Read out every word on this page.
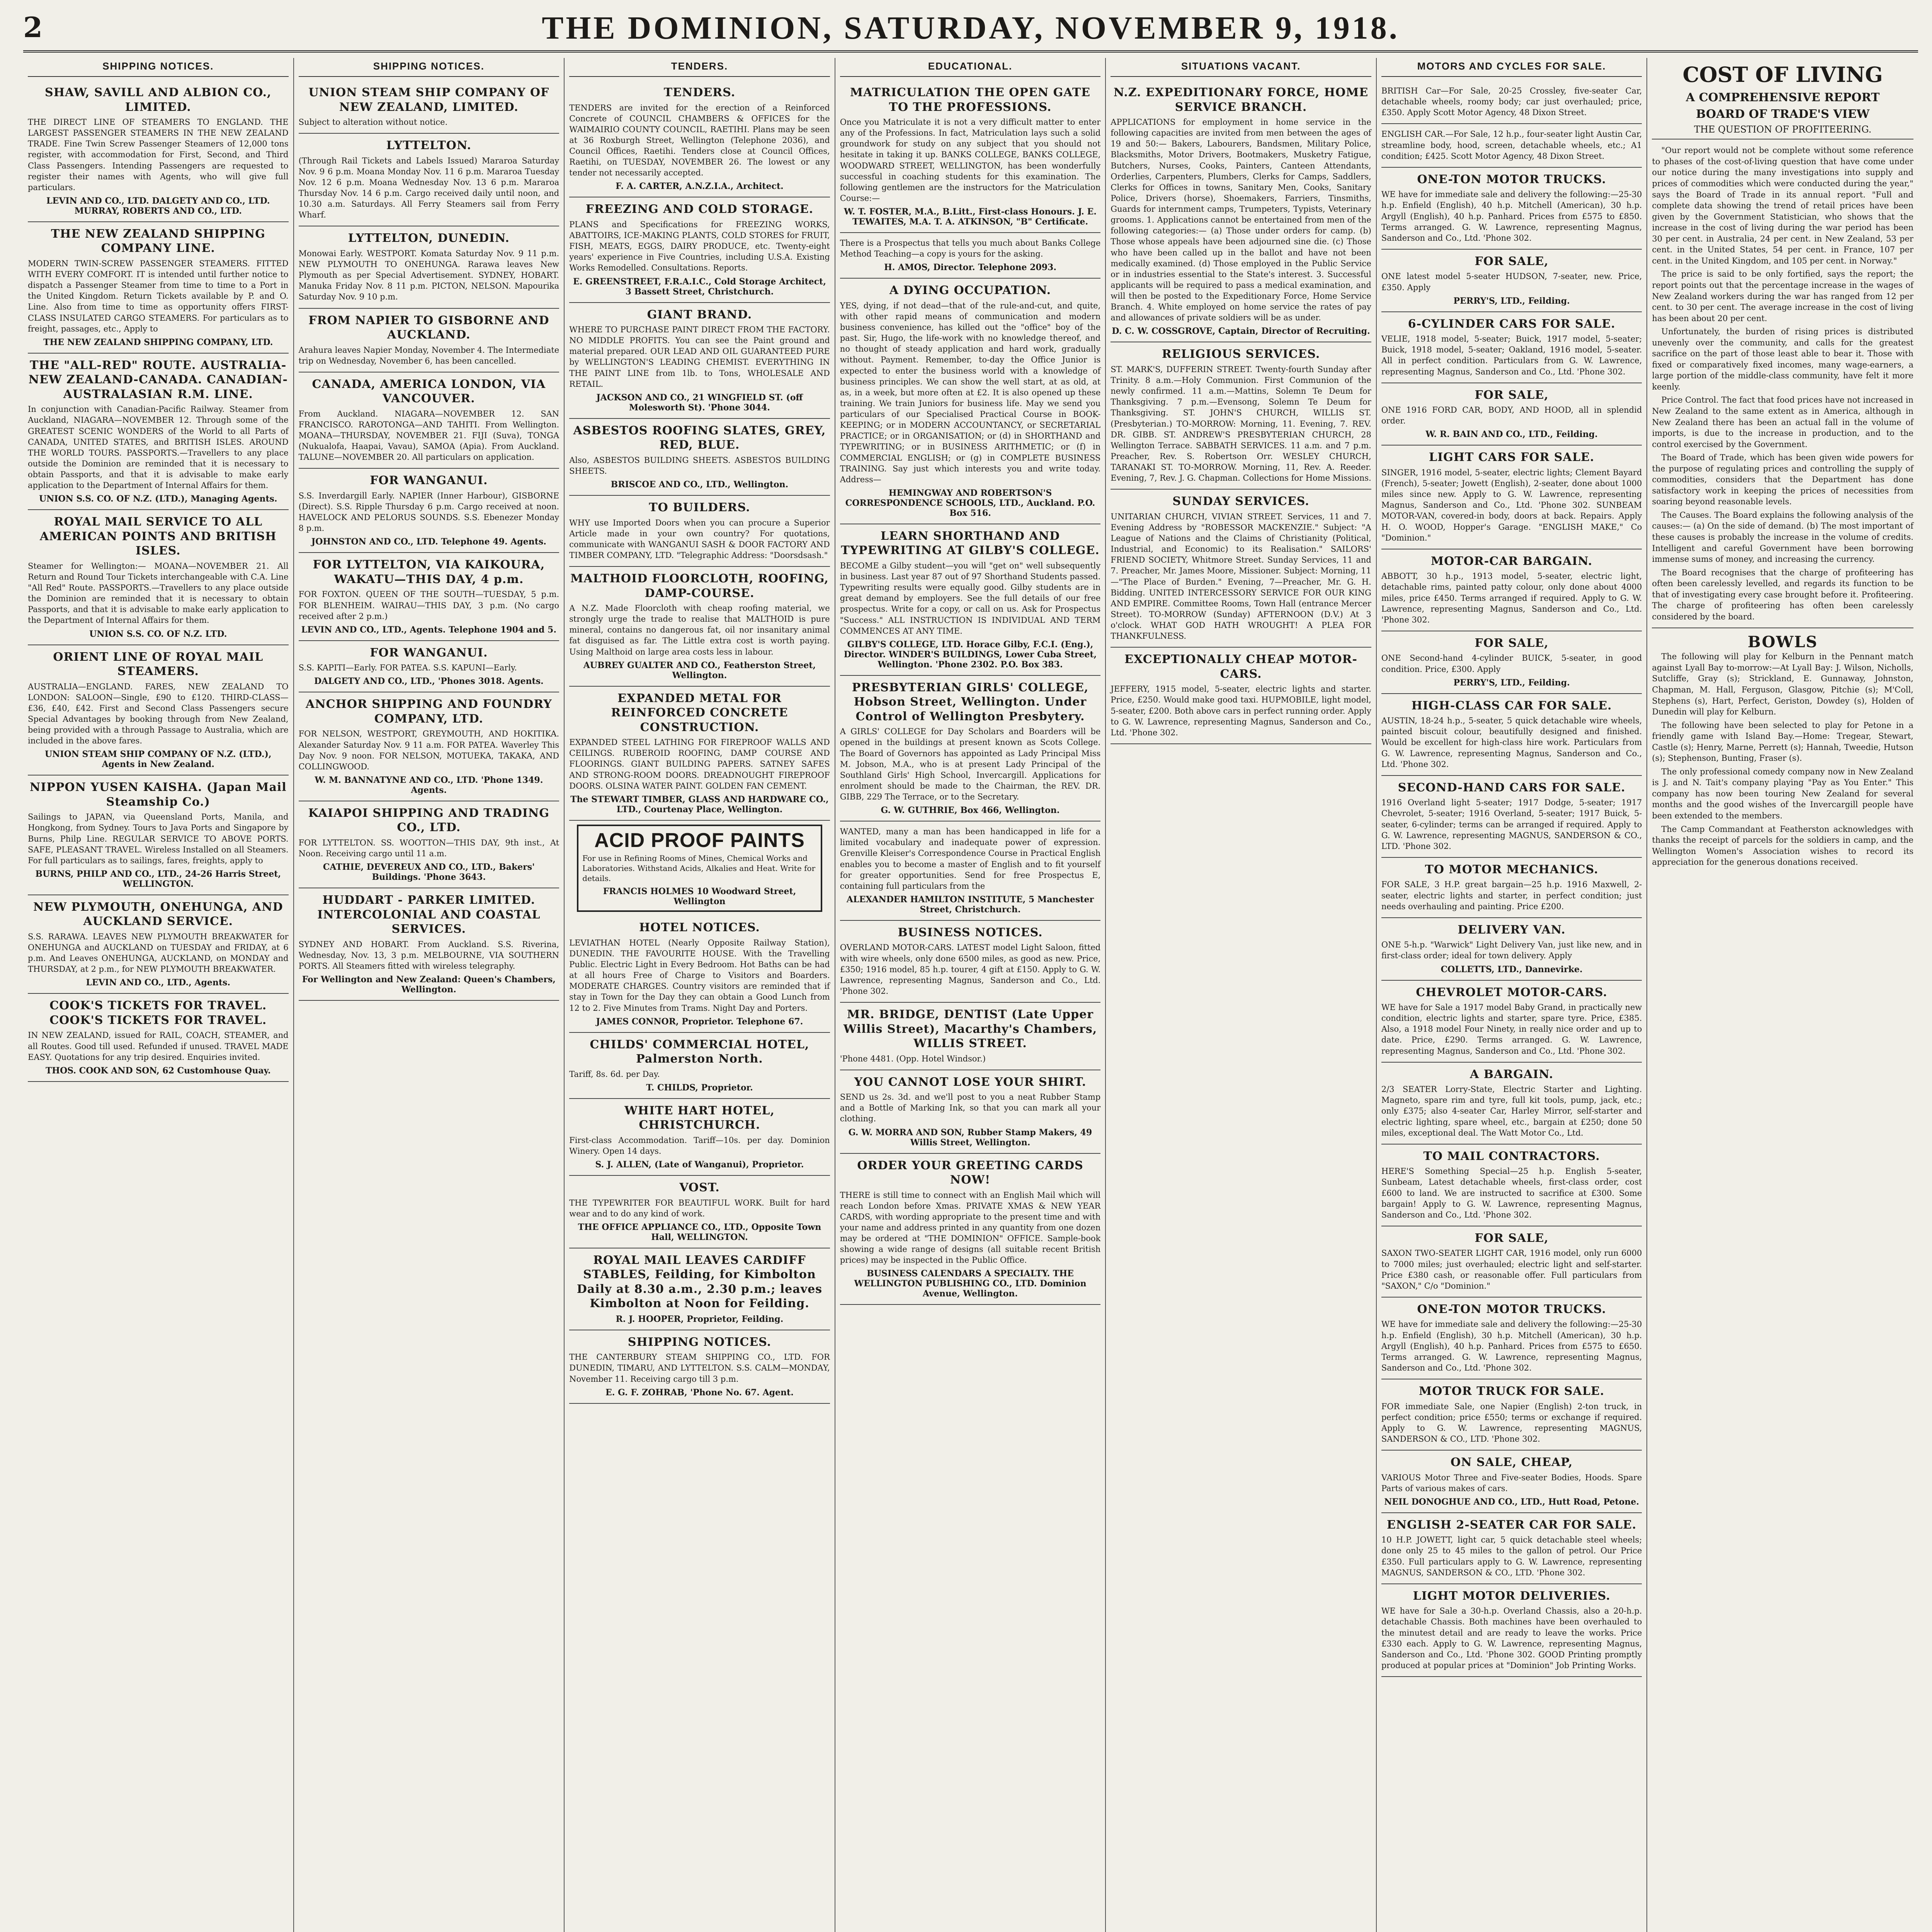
2	THE DOMINION, SATURDAY, NOVEMBER 9, 1918.
SHIPPING NOTICES.
SHAW, SAVILL AND ALBION CO., LIMITED.
THE DIRECT LINE OF STEAMERS TO ENGLAND. THE LARGEST PASSENGER STEAMERS IN THE NEW ZEALAND TRADE. Fine Twin Screw Passenger Steamers of 12,000 tons register, with accommodation for First, Second, and Third Class Passengers. Intending Passengers are requested to register their names with Agents, who will give full particulars.
LEVIN AND CO., LTD. DALGETY AND CO., LTD. MURRAY, ROBERTS AND CO., LTD.
THE NEW ZEALAND SHIPPING COMPANY LINE.
MODERN TWIN-SCREW PASSENGER STEAMERS. FITTED WITH EVERY COMFORT. IT is intended until further notice to dispatch a Passenger Steamer from time to time to a Port in the United Kingdom. Return Tickets available by P. and O. Line. Also from time to time as opportunity offers FIRST-CLASS INSULATED CARGO STEAMERS. For particulars as to freight, passages, etc., Apply to
THE NEW ZEALAND SHIPPING COMPANY, LTD.
THE "ALL-RED" ROUTE. AUSTRALIA-NEW ZEALAND-CANADA. CANADIAN-AUSTRALASIAN R.M. LINE.
In conjunction with Canadian-Pacific Railway. Steamer from Auckland, NIAGARA—NOVEMBER 12. Through some of the GREATEST SCENIC WONDERS of the World to all Parts of CANADA, UNITED STATES, and BRITISH ISLES. AROUND THE WORLD TOURS. PASSPORTS.—Travellers to any place outside the Dominion are reminded that it is necessary to obtain Passports, and that it is advisable to make early application to the Department of Internal Affairs for them.
UNION S.S. CO. OF N.Z. (LTD.), Managing Agents.
ROYAL MAIL SERVICE TO ALL AMERICAN POINTS AND BRITISH ISLES.
Steamer for Wellington:— MOANA—NOVEMBER 21. All Return and Round Tour Tickets interchangeable with C.A. Line "All Red" Route. PASSPORTS.—Travellers to any place outside the Dominion are reminded that it is necessary to obtain Passports, and that it is advisable to make early application to the Department of Internal Affairs for them.
UNION S.S. CO. OF N.Z. LTD.
ORIENT LINE OF ROYAL MAIL STEAMERS.
AUSTRALIA—ENGLAND. FARES, NEW ZEALAND TO LONDON: SALOON—Single, £90 to £120. THIRD-CLASS—£36, £40, £42. First and Second Class Passengers secure Special Advantages by booking through from New Zealand, being provided with a through Passage to Australia, which are included in the above fares.
UNION STEAM SHIP COMPANY OF N.Z. (LTD.), Agents in New Zealand.
NIPPON YUSEN KAISHA. (Japan Mail Steamship Co.)
Sailings to JAPAN, via Queensland Ports, Manila, and Hongkong, from Sydney. Tours to Java Ports and Singapore by Burns, Philp Line. REGULAR SERVICE TO ABOVE PORTS. SAFE, PLEASANT TRAVEL. Wireless Installed on all Steamers. For full particulars as to sailings, fares, freights, apply to
BURNS, PHILP AND CO., LTD., 24-26 Harris Street, WELLINGTON.
NEW PLYMOUTH, ONEHUNGA, AND AUCKLAND SERVICE.
S.S. RARAWA. LEAVES NEW PLYMOUTH BREAKWATER for ONEHUNGA and AUCKLAND on TUESDAY and FRIDAY, at 6 p.m. And Leaves ONEHUNGA, AUCKLAND, on MONDAY and THURSDAY, at 2 p.m., for NEW PLYMOUTH BREAKWATER.
LEVIN AND CO., LTD., Agents.
COOK'S TICKETS FOR TRAVEL. COOK'S TICKETS FOR TRAVEL.
IN NEW ZEALAND, issued for RAIL, COACH, STEAMER, and all Routes. Good till used. Refunded if unused. TRAVEL MADE EASY. Quotations for any trip desired. Enquiries invited.
THOS. COOK AND SON, 62 Customhouse Quay.
SHIPPING NOTICES.
UNION STEAM SHIP COMPANY OF NEW ZEALAND, LIMITED.
Subject to alteration without notice.
LYTTELTON.
(Through Rail Tickets and Labels Issued) Mararoa Saturday Nov. 9 6 p.m. Moana Monday Nov. 11 6 p.m. Mararoa Tuesday Nov. 12 6 p.m. Moana Wednesday Nov. 13 6 p.m. Mararoa Thursday Nov. 14 6 p.m. Cargo received daily until noon, and 10.30 a.m. Saturdays. All Ferry Steamers sail from Ferry Wharf.
LYTTELTON, DUNEDIN.
Monowai Early. WESTPORT. Komata Saturday Nov. 9 11 p.m. NEW PLYMOUTH TO ONEHUNGA. Rarawa leaves New Plymouth as per Special Advertisement. SYDNEY, HOBART. Manuka Friday Nov. 8 11 p.m. PICTON, NELSON. Mapourika Saturday Nov. 9 10 p.m.
FROM NAPIER TO GISBORNE AND AUCKLAND.
Arahura leaves Napier Monday, November 4. The Intermediate trip on Wednesday, November 6, has been cancelled.
CANADA, AMERICA LONDON, VIA VANCOUVER.
From Auckland. NIAGARA—NOVEMBER 12. SAN FRANCISCO. RAROTONGA—AND TAHITI. From Wellington. MOANA—THURSDAY, NOVEMBER 21. FIJI (Suva), TONGA (Nukualofa, Haapai, Vavau), SAMOA (Apia). From Auckland. TALUNE—NOVEMBER 20. All particulars on application.
FOR WANGANUI.
S.S. Inverdargill Early. NAPIER (Inner Harbour), GISBORNE (Direct). S.S. Ripple Thursday 6 p.m. Cargo received at noon. HAVELOCK AND PELORUS SOUNDS. S.S. Ebenezer Monday 8 p.m.
JOHNSTON AND CO., LTD. Telephone 49. Agents.
FOR LYTTELTON, VIA KAIKOURA, WAKATU—THIS DAY, 4 p.m.
FOR FOXTON. QUEEN OF THE SOUTH—TUESDAY, 5 p.m. FOR BLENHEIM. WAIRAU—THIS DAY, 3 p.m. (No cargo received after 2 p.m.)
LEVIN AND CO., LTD., Agents. Telephone 1904 and 5.
FOR WANGANUI.
S.S. KAPITI—Early. FOR PATEA. S.S. KAPUNI—Early.
DALGETY AND CO., LTD., 'Phones 3018. Agents.
ANCHOR SHIPPING AND FOUNDRY COMPANY, LTD.
FOR NELSON, WESTPORT, GREYMOUTH, AND HOKITIKA. Alexander Saturday Nov. 9 11 a.m. FOR PATEA. Waverley This Day Nov. 9 noon. FOR NELSON, MOTUEKA, TAKAKA, AND COLLINGWOOD.
W. M. BANNATYNE AND CO., LTD. 'Phone 1349. Agents.
KAIAPOI SHIPPING AND TRADING CO., LTD.
FOR LYTTELTON. SS. WOOTTON—THIS DAY, 9th inst., At Noon. Receiving cargo until 11 a.m.
CATHIE, DEVEREUX AND CO., LTD., Bakers' Buildings. 'Phone 3643.
HUDDART - PARKER LIMITED. INTERCOLONIAL AND COASTAL SERVICES.
SYDNEY AND HOBART. From Auckland. S.S. Riverina, Wednesday, Nov. 13, 3 p.m. MELBOURNE, VIA SOUTHERN PORTS. All Steamers fitted with wireless telegraphy.
For Wellington and New Zealand: Queen's Chambers, Wellington.
TENDERS.
TENDERS.
TENDERS are invited for the erection of a Reinforced Concrete of COUNCIL CHAMBERS & OFFICES for the WAIMAIRIO COUNTY COUNCIL, RAETIHI. Plans may be seen at 36 Roxburgh Street, Wellington (Telephone 2036), and Council Offices, Raetihi. Tenders close at Council Offices, Raetihi, on TUESDAY, NOVEMBER 26. The lowest or any tender not necessarily accepted.
F. A. CARTER, A.N.Z.I.A., Architect.
FREEZING AND COLD STORAGE.
PLANS and Specifications for FREEZING WORKS, ABATTOIRS, ICE-MAKING PLANTS, COLD STORES for FRUIT, FISH, MEATS, EGGS, DAIRY PRODUCE, etc. Twenty-eight years' experience in Five Countries, including U.S.A. Existing Works Remodelled. Consultations. Reports.
E. GREENSTREET, F.R.A.I.C., Cold Storage Architect, 3 Bassett Street, Christchurch.
GIANT BRAND.
WHERE TO PURCHASE PAINT DIRECT FROM THE FACTORY. NO MIDDLE PROFITS. You can see the Paint ground and material prepared. OUR LEAD AND OIL GUARANTEED PURE by WELLINGTON'S LEADING CHEMIST. EVERYTHING IN THE PAINT LINE from 1lb. to Tons, WHOLESALE AND RETAIL.
JACKSON AND CO., 21 WINGFIELD ST. (off Molesworth St). 'Phone 3044.
ASBESTOS ROOFING SLATES, GREY, RED, BLUE.
Also, ASBESTOS BUILDING SHEETS. ASBESTOS BUILDING SHEETS.
BRISCOE AND CO., LTD., Wellington.
TO BUILDERS.
WHY use Imported Doors when you can procure a Superior Article made in your own country? For quotations, communicate with WANGANUI SASH & DOOR FACTORY AND TIMBER COMPANY, LTD. "Telegraphic Address: "Doorsdsash."
MALTHOID FLOORCLOTH, ROOFING, DAMP-COURSE.
A N.Z. Made Floorcloth with cheap roofing material, we strongly urge the trade to realise that MALTHOID is pure mineral, contains no dangerous fat, oil nor insanitary animal fat disguised as far. The Little extra cost is worth paying. Using Malthoid on large area costs less in labour.
AUBREY GUALTER AND CO., Featherston Street, Wellington.
EXPANDED METAL FOR REINFORCED CONCRETE CONSTRUCTION.
EXPANDED STEEL LATHING FOR FIREPROOF WALLS AND CEILINGS. RUBEROID ROOFING, DAMP COURSE AND FLOORINGS. GIANT BUILDING PAPERS. SATNEY SAFES AND STRONG-ROOM DOORS. DREADNOUGHT FIREPROOF DOORS. OLSINA WATER PAINT. GOLDEN FAN CEMENT.
The STEWART TIMBER, GLASS AND HARDWARE CO., LTD., Courtenay Place, Wellington.
ACID PROOF PAINTS
For use in Refining Rooms of Mines, Chemical Works and Laboratories. Withstand Acids, Alkalies and Heat. Write for details.
FRANCIS HOLMES 10 Woodward Street, Wellington
HOTEL NOTICES.
LEVIATHAN HOTEL (Nearly Opposite Railway Station), DUNEDIN. THE FAVOURITE HOUSE. With the Travelling Public. Electric Light in Every Bedroom. Hot Baths can be had at all hours Free of Charge to Visitors and Boarders. MODERATE CHARGES. Country visitors are reminded that if stay in Town for the Day they can obtain a Good Lunch from 12 to 2. Five Minutes from Trams. Night Day and Porters.
JAMES CONNOR, Proprietor. Telephone 67.
CHILDS' COMMERCIAL HOTEL, Palmerston North.
Tariff, 8s. 6d. per Day.
T. CHILDS, Proprietor.
WHITE HART HOTEL, CHRISTCHURCH.
First-class Accommodation. Tariff—10s. per day. Dominion Winery. Open 14 days.
S. J. ALLEN, (Late of Wanganui), Proprietor.
VOST.
THE TYPEWRITER FOR BEAUTIFUL WORK. Built for hard wear and to do any kind of work.
THE OFFICE APPLIANCE CO., LTD., Opposite Town Hall, WELLINGTON.
ROYAL MAIL LEAVES CARDIFF STABLES, Feilding, for Kimbolton Daily at 8.30 a.m., 2.30 p.m.; leaves Kimbolton at Noon for Feilding.
R. J. HOOPER, Proprietor, Feilding.
SHIPPING NOTICES.
THE CANTERBURY STEAM SHIPPING CO., LTD. FOR DUNEDIN, TIMARU, AND LYTTELTON. S.S. CALM—MONDAY, November 11. Receiving cargo till 3 p.m.
E. G. F. ZOHRAB, 'Phone No. 67. Agent.
EDUCATIONAL.
MATRICULATION THE OPEN GATE TO THE PROFESSIONS.
Once you Matriculate it is not a very difficult matter to enter any of the Professions. In fact, Matriculation lays such a solid groundwork for study on any subject that you should not hesitate in taking it up. BANKS COLLEGE, BANKS COLLEGE, WOODWARD STREET, WELLINGTON, has been wonderfully successful in coaching students for this examination. The following gentlemen are the instructors for the Matriculation Course:—
W. T. FOSTER, M.A., B.Litt., First-class Honours. J. E. TEWAITES, M.A. T. A. ATKINSON, "B" Certificate.
There is a Prospectus that tells you much about Banks College Method Teaching—a copy is yours for the asking.
H. AMOS, Director. Telephone 2093.
A DYING OCCUPATION.
YES, dying, if not dead—that of the rule-and-cut, and quite, with other rapid means of communication and modern business convenience, has killed out the "office" boy of the past. Sir, Hugo, the life-work with no knowledge thereof, and no thought of steady application and hard work, gradually without. Payment. Remember, to-day the Office Junior is expected to enter the business world with a knowledge of business principles. We can show the well start, at as old, at as, in a week, but more often at £2. It is also opened up these training. We train Juniors for business life. May we send you particulars of our Specialised Practical Course in BOOK-KEEPING; or in MODERN ACCOUNTANCY, or SECRETARIAL PRACTICE; or in ORGANISATION; or (d) in SHORTHAND and TYPEWRITING; or in BUSINESS ARITHMETIC; or (f) in COMMERCIAL ENGLISH; or (g) in COMPLETE BUSINESS TRAINING. Say just which interests you and write today. Address—
HEMINGWAY AND ROBERTSON'S CORRESPONDENCE SCHOOLS, LTD., Auckland. P.O. Box 516.
LEARN SHORTHAND AND TYPEWRITING AT GILBY'S COLLEGE.
BECOME a Gilby student—you will "get on" well subsequently in business. Last year 87 out of 97 Shorthand Students passed. Typewriting results were equally good. Gilby students are in great demand by employers. See the full details of our free prospectus. Write for a copy, or call on us. Ask for Prospectus "Success." ALL INSTRUCTION IS INDIVIDUAL AND TERM COMMENCES AT ANY TIME.
GILBY'S COLLEGE, LTD. Horace Gilby, F.C.I. (Eng.), Director. WINDER'S BUILDINGS, Lower Cuba Street, Wellington. 'Phone 2302. P.O. Box 383.
PRESBYTERIAN GIRLS' COLLEGE, Hobson Street, Wellington. Under Control of Wellington Presbytery.
A GIRLS' COLLEGE for Day Scholars and Boarders will be opened in the buildings at present known as Scots College. The Board of Governors has appointed as Lady Principal Miss M. Jobson, M.A., who is at present Lady Principal of the Southland Girls' High School, Invercargill. Applications for enrolment should be made to the Chairman, the REV. DR. GIBB, 229 The Terrace, or to the Secretary.
G. W. GUTHRIE, Box 466, Wellington.
WANTED, many a man has been handicapped in life for a limited vocabulary and inadequate power of expression. Grenville Kleiser's Correspondence Course in Practical English enables you to become a master of English and to fit yourself for greater opportunities. Send for free Prospectus E, containing full particulars from the
ALEXANDER HAMILTON INSTITUTE, 5 Manchester Street, Christchurch.
BUSINESS NOTICES.
OVERLAND MOTOR-CARS. LATEST model Light Saloon, fitted with wire wheels, only done 6500 miles, as good as new. Price, £350; 1916 model, 85 h.p. tourer, 4 gift at £150. Apply to G. W. Lawrence, representing Magnus, Sanderson and Co., Ltd. 'Phone 302.
MR. BRIDGE, DENTIST (Late Upper Willis Street), Macarthy's Chambers, WILLIS STREET.
'Phone 4481. (Opp. Hotel Windsor.)
YOU CANNOT LOSE YOUR SHIRT.
SEND us 2s. 3d. and we'll post to you a neat Rubber Stamp and a Bottle of Marking Ink, so that you can mark all your clothing.
G. W. MORRA AND SON, Rubber Stamp Makers, 49 Willis Street, Wellington.
ORDER YOUR GREETING CARDS NOW!
THERE is still time to connect with an English Mail which will reach London before Xmas. PRIVATE XMAS & NEW YEAR CARDS, with wording appropriate to the present time and with your name and address printed in any quantity from one dozen may be ordered at "THE DOMINION" OFFICE. Sample-book showing a wide range of designs (all suitable recent British prices) may be inspected in the Public Office.
BUSINESS CALENDARS A SPECIALTY. THE WELLINGTON PUBLISHING CO., LTD. Dominion Avenue, Wellington.
SITUATIONS VACANT.
N.Z. EXPEDITIONARY FORCE, HOME SERVICE BRANCH.
APPLICATIONS for employment in home service in the following capacities are invited from men between the ages of 19 and 50:— Bakers, Labourers, Bandsmen, Military Police, Blacksmiths, Motor Drivers, Bootmakers, Musketry Fatigue, Butchers, Nurses, Cooks, Painters, Canteen Attendants, Orderlies, Carpenters, Plumbers, Clerks for Camps, Saddlers, Clerks for Offices in towns, Sanitary Men, Cooks, Sanitary Police, Drivers (horse), Shoemakers, Farriers, Tinsmiths, Guards for internment camps, Trumpeters, Typists, Veterinary grooms. 1. Applications cannot be entertained from men of the following categories:— (a) Those under orders for camp. (b) Those whose appeals have been adjourned sine die. (c) Those who have been called up in the ballot and have not been medically examined. (d) Those employed in the Public Service or in industries essential to the State's interest. 3. Successful applicants will be required to pass a medical examination, and will then be posted to the Expeditionary Force, Home Service Branch. 4. White employed on home service the rates of pay and allowances of private soldiers will be as under.
D. C. W. COSSGROVE, Captain, Director of Recruiting.
RELIGIOUS SERVICES.
ST. MARK'S, DUFFERIN STREET. Twenty-fourth Sunday after Trinity. 8 a.m.—Holy Communion. First Communion of the newly confirmed. 11 a.m.—Mattins, Solemn Te Deum for Thanksgiving. 7 p.m.—Evensong, Solemn Te Deum for Thanksgiving. ST. JOHN'S CHURCH, WILLIS ST. (Presbyterian.) TO-MORROW: Morning, 11. Evening, 7. REV. DR. GIBB. ST. ANDREW'S PRESBYTERIAN CHURCH, 28 Wellington Terrace. SABBATH SERVICES. 11 a.m. and 7 p.m. Preacher, Rev. S. Robertson Orr. WESLEY CHURCH, TARANAKI ST. TO-MORROW. Morning, 11, Rev. A. Reeder. Evening, 7, Rev. J. G. Chapman. Collections for Home Missions.
SUNDAY SERVICES.
UNITARIAN CHURCH, VIVIAN STREET. Services, 11 and 7. Evening Address by "ROBESSOR MACKENZIE." Subject: "A League of Nations and the Claims of Christianity (Political, Industrial, and Economic) to its Realisation." SAILORS' FRIEND SOCIETY, Whitmore Street. Sunday Services, 11 and 7. Preacher, Mr. James Moore, Missioner. Subject: Morning, 11—"The Place of Burden." Evening, 7—Preacher, Mr. G. H. Bidding. UNITED INTERCESSORY SERVICE FOR OUR KING AND EMPIRE. Committee Rooms, Town Hall (entrance Mercer Street). TO-MORROW (Sunday) AFTERNOON (D.V.) At 3 o'clock. WHAT GOD HATH WROUGHT! A PLEA FOR THANKFULNESS.
EXCEPTIONALLY CHEAP MOTOR-CARS.
JEFFERY, 1915 model, 5-seater, electric lights and starter. Price, £250. Would make good taxi. HUPMOBILE, light model, 5-seater, £200. Both above cars in perfect running order. Apply to G. W. Lawrence, representing Magnus, Sanderson and Co., Ltd. 'Phone 302.
MOTORS AND CYCLES FOR SALE.
BRITISH Car—For Sale, 20-25 Crossley, five-seater Car, detachable wheels, roomy body; car just overhauled; price, £350. Apply Scott Motor Agency, 48 Dixon Street.
ENGLISH CAR.—For Sale, 12 h.p., four-seater light Austin Car, streamline body, hood, screen, detachable wheels, etc.; A1 condition; £425. Scott Motor Agency, 48 Dixon Street.
ONE-TON MOTOR TRUCKS.
WE have for immediate sale and delivery the following:—25-30 h.p. Enfield (English), 40 h.p. Mitchell (American), 30 h.p. Argyll (English), 40 h.p. Panhard. Prices from £575 to £850. Terms arranged. G. W. Lawrence, representing Magnus, Sanderson and Co., Ltd. 'Phone 302.
FOR SALE,
ONE latest model 5-seater HUDSON, 7-seater, new. Price, £350. Apply
PERRY'S, LTD., Feilding.
6-CYLINDER CARS FOR SALE.
VELIE, 1918 model, 5-seater; Buick, 1917 model, 5-seater; Buick, 1918 model, 5-seater; Oakland, 1916 model, 5-seater. All in perfect condition. Particulars from G. W. Lawrence, representing Magnus, Sanderson and Co., Ltd. 'Phone 302.
FOR SALE,
ONE 1916 FORD CAR, BODY, AND HOOD, all in splendid order.
W. R. BAIN AND CO., LTD., Feilding.
LIGHT CARS FOR SALE.
SINGER, 1916 model, 5-seater, electric lights; Clement Bayard (French), 5-seater; Jowett (English), 2-seater, done about 1000 miles since new. Apply to G. W. Lawrence, representing Magnus, Sanderson and Co., Ltd. 'Phone 302. SUNBEAM MOTOR-VAN, covered-in body, doors at back. Repairs. Apply H. O. WOOD, Hopper's Garage. "ENGLISH MAKE," Co "Dominion."
MOTOR-CAR BARGAIN.
ABBOTT, 30 h.p., 1913 model, 5-seater, electric light, detachable rims, painted patty colour, only done about 4000 miles, price £450. Terms arranged if required. Apply to G. W. Lawrence, representing Magnus, Sanderson and Co., Ltd. 'Phone 302.
FOR SALE,
ONE Second-hand 4-cylinder BUICK, 5-seater, in good condition. Price, £300. Apply
PERRY'S, LTD., Feilding.
HIGH-CLASS CAR FOR SALE.
AUSTIN, 18-24 h.p., 5-seater, 5 quick detachable wire wheels, painted biscuit colour, beautifully designed and finished. Would be excellent for high-class hire work. Particulars from G. W. Lawrence, representing Magnus, Sanderson and Co., Ltd. 'Phone 302.
SECOND-HAND CARS FOR SALE.
1916 Overland light 5-seater; 1917 Dodge, 5-seater; 1917 Chevrolet, 5-seater; 1916 Overland, 5-seater; 1917 Buick, 5-seater, 6-cylinder; terms can be arranged if required. Apply to G. W. Lawrence, representing MAGNUS, SANDERSON & CO., LTD. 'Phone 302.
TO MOTOR MECHANICS.
FOR SALE, 3 H.P. great bargain—25 h.p. 1916 Maxwell, 2-seater, electric lights and starter, in perfect condition; just needs overhauling and painting. Price £200.
DELIVERY VAN.
ONE 5-h.p. "Warwick" Light Delivery Van, just like new, and in first-class order; ideal for town delivery. Apply
COLLETTS, LTD., Dannevirke.
CHEVROLET MOTOR-CARS.
WE have for Sale a 1917 model Baby Grand, in practically new condition, electric lights and starter, spare tyre. Price, £385. Also, a 1918 model Four Ninety, in really nice order and up to date. Price, £290. Terms arranged. G. W. Lawrence, representing Magnus, Sanderson and Co., Ltd. 'Phone 302.
A BARGAIN.
2/3 SEATER Lorry-State, Electric Starter and Lighting. Magneto, spare rim and tyre, full kit tools, pump, jack, etc.; only £375; also 4-seater Car, Harley Mirror, self-starter and electric lighting, spare wheel, etc., bargain at £250; done 50 miles, exceptional deal. The Watt Motor Co., Ltd.
TO MAIL CONTRACTORS.
HERE'S Something Special—25 h.p. English 5-seater, Sunbeam, Latest detachable wheels, first-class order, cost £600 to land. We are instructed to sacrifice at £300. Some bargain! Apply to G. W. Lawrence, representing Magnus, Sanderson and Co., Ltd. 'Phone 302.
FOR SALE,
SAXON TWO-SEATER LIGHT CAR, 1916 model, only run 6000 to 7000 miles; just overhauled; electric light and self-starter. Price £380 cash, or reasonable offer. Full particulars from "SAXON," C/o "Dominion."
ONE-TON MOTOR TRUCKS.
WE have for immediate sale and delivery the following:—25-30 h.p. Enfield (English), 30 h.p. Mitchell (American), 30 h.p. Argyll (English), 40 h.p. Panhard. Prices from £575 to £650. Terms arranged. G. W. Lawrence, representing Magnus, Sanderson and Co., Ltd. 'Phone 302.
MOTOR TRUCK FOR SALE.
FOR immediate Sale, one Napier (English) 2-ton truck, in perfect condition; price £550; terms or exchange if required. Apply to G. W. Lawrence, representing MAGNUS, SANDERSON & CO., LTD. 'Phone 302.
ON SALE, CHEAP,
VARIOUS Motor Three and Five-seater Bodies, Hoods. Spare Parts of various makes of cars.
NEIL DONOGHUE AND CO., LTD., Hutt Road, Petone.
ENGLISH 2-SEATER CAR FOR SALE.
10 H.P. JOWETT, light car, 5 quick detachable steel wheels; done only 25 to 45 miles to the gallon of petrol. Our Price £350. Full particulars apply to G. W. Lawrence, representing MAGNUS, SANDERSON & CO., LTD. 'Phone 302.
LIGHT MOTOR DELIVERIES.
WE have for Sale a 30-h.p. Overland Chassis, also a 20-h.p. detachable Chassis. Both machines have been overhauled to the minutest detail and are ready to leave the works. Price £330 each. Apply to G. W. Lawrence, representing Magnus, Sanderson and Co., Ltd. 'Phone 302. GOOD Printing promptly produced at popular prices at "Dominion" Job Printing Works.
COST OF LIVING
A COMPREHENSIVE REPORT
BOARD OF TRADE'S VIEW
THE QUESTION OF PROFITEERING.

"Our report would not be complete without some reference to phases of the cost-of-living question that have come under our notice during the many investigations into supply and prices of commodities which were conducted during the year," says the Board of Trade in its annual report. "Full and complete data showing the trend of retail prices have been given by the Government Statistician, who shows that the increase in the cost of living during the war period has been 30 per cent. in Australia, 24 per cent. in New Zealand, 53 per cent. in the United States, 54 per cent. in France, 107 per cent. in the United Kingdom, and 105 per cent. in Norway."

The price is said to be only fortified, says the report; the report points out that the percentage increase in the wages of New Zealand workers during the war has ranged from 12 per cent. to 30 per cent. The average increase in the cost of living has been about 20 per cent.

Unfortunately, the burden of rising prices is distributed unevenly over the community, and calls for the greatest sacrifice on the part of those least able to bear it. Those with fixed or comparatively fixed incomes, many wage-earners, a large portion of the middle-class community, have felt it more keenly.

Price Control. The fact that food prices have not increased in New Zealand to the same extent as in America, although in New Zealand there has been an actual fall in the volume of imports, is due to the increase in production, and to the control exercised by the Government.

The Board of Trade, which has been given wide powers for the purpose of regulating prices and controlling the supply of commodities, considers that the Department has done satisfactory work in keeping the prices of necessities from soaring beyond reasonable levels.

The Causes. The Board explains the following analysis of the causes:— (a) On the side of demand. (b) The most important of these causes is probably the increase in the volume of credits. Intelligent and careful Government have been borrowing immense sums of money, and increasing the currency.

The Board recognises that the charge of profiteering has often been carelessly levelled, and regards its function to be that of investigating every case brought before it. Profiteering. The charge of profiteering has often been carelessly considered by the board.

BOWLS

The following will play for Kelburn in the Pennant match against Lyall Bay to-morrow:—At Lyall Bay: J. Wilson, Nicholls, Sutcliffe, Gray (s); Strickland, E. Gunnaway, Johnston, Chapman, M. Hall, Ferguson, Glasgow, Pitchie (s); M'Coll, Stephens (s), Hart, Perfect, Geriston, Dowdey (s), Holden of Dunedin will play for Kelburn.

The following have been selected to play for Petone in a friendly game with Island Bay.—Home: Tregear, Stewart, Castle (s); Henry, Marne, Perrett (s); Hannah, Tweedie, Hutson (s); Stephenson, Bunting, Fraser (s).

The only professional comedy company now in New Zealand is J. and N. Tait's company playing "Pay as You Enter." This company has now been touring New Zealand for several months and the good wishes of the Invercargill people have been extended to the members.

The Camp Commandant at Featherston acknowledges with thanks the receipt of parcels for the soldiers in camp, and the Wellington Women's Association wishes to record its appreciation for the generous donations received.
